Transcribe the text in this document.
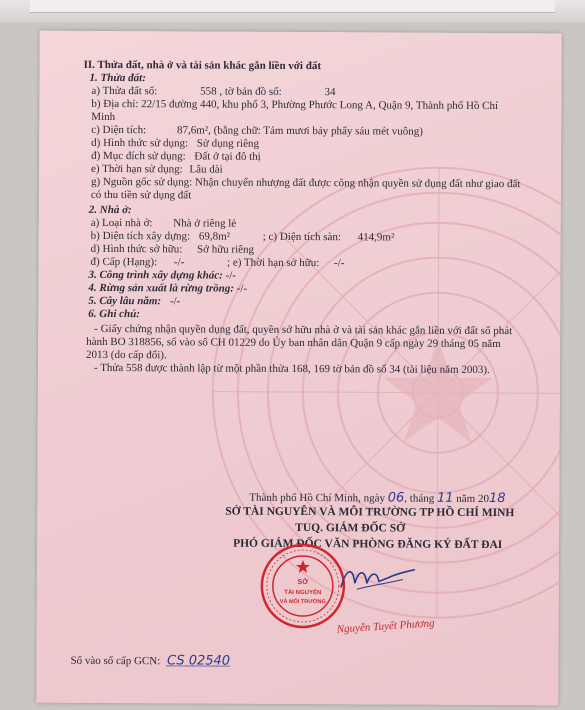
II. Thửa đất, nhà ở và tài sản khác gắn liền với đất

1. Thửa đất:

a) Thửa đất số:	558 , tờ bản đồ số:	34

b) Địa chỉ: 22/15 đường 440, khu phố 3, Phường Phước Long A, Quận 9, Thành phố Hồ Chí Minh

c) Diện tích:	87,6m², (bằng chữ: Tám mươi bảy phẩy sáu mét vuông)

d) Hình thức sử dụng: Sử dụng riêng

đ) Mục đích sử dụng: Đất ở tại đô thị

e) Thời hạn sử dụng: Lâu dài

g) Nguồn gốc sử dụng: Nhận chuyển nhượng đất được công nhận quyền sử dụng đất như giao đất có thu tiền sử dụng đất

2. Nhà ở:

a) Loại nhà ở: Nhà ở riêng lẻ

b) Diện tích xây dựng: 69,8m²	; c) Diện tích sàn: 414,9m²

d) Hình thức sở hữu: Sở hữu riêng

đ) Cấp (Hạng): -/-	; e) Thời hạn sở hữu: -/-

3. Công trình xây dựng khác: -/-

4. Rừng sản xuất là rừng trồng: -/-

5. Cây lâu năm: -/-

6. Ghi chú:

- Giấy chứng nhận quyền dụng đất, quyền sở hữu nhà ở và tài sản khác gắn liền với đất số phát hành BO 318856, số vào sổ CH 01229 do Ủy ban nhân dân Quận 9 cấp ngày 29 tháng 05 năm 2013 (do cấp đổi).

- Thửa 558 được thành lập từ một phần thửa 168, 169 tờ bản đồ số 34 (tài liệu năm 2003).

Thành phố Hồ Chí Minh, ngày 06, tháng 11 năm 2018
SỞ TÀI NGUYÊN VÀ MÔI TRƯỜNG TP HỒ CHÍ MINH
TUQ. GIÁM ĐỐC SỞ
PHÓ GIÁM ĐỐC VĂN PHÒNG ĐĂNG KÝ ĐẤT ĐAI
SỞ
TÀI NGUYÊN
VÀ MÔI TRƯỜNG
Nguyễn Tuyết Phương
Số vào sổ cấp GCN: CS 02540
